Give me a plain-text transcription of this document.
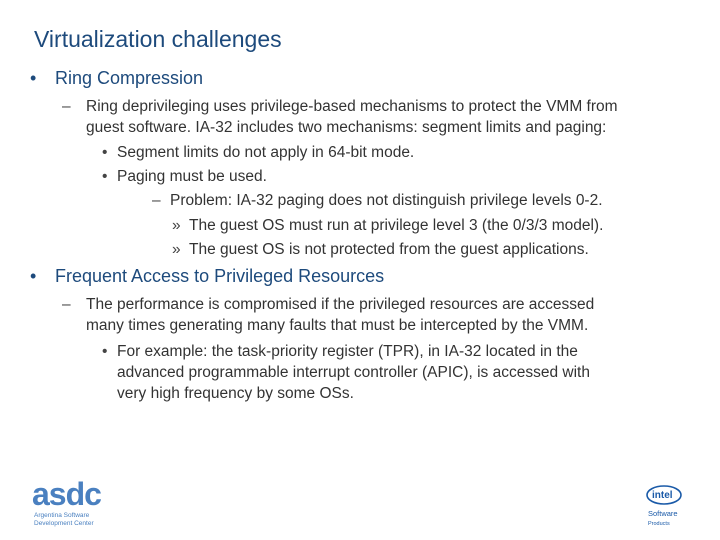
Virtualization challenges
• Ring Compression
– Ring deprivileging uses privilege-based mechanisms to protect the VMM from
guest software. IA-32 includes two mechanisms: segment limits and paging:
• Segment limits do not apply in 64-bit mode.
• Paging must be used.
– Problem: IA-32 paging does not distinguish privilege levels 0-2.
» The guest OS must run at privilege level 3 (the 0/3/3 model).
» The guest OS is not protected from the guest applications.
• Frequent Access to Privileged Resources
– The performance is compromised if the privileged resources are accessed
many times generating many faults that must be intercepted by the VMM.
• For example: the task-priority register (TPR), in IA-32 located in the
advanced programmable interrupt controller (APIC), is accessed with
very high frequency by some OSs.
asdc
Argentina Software
Development Center
intel
Software
Products
